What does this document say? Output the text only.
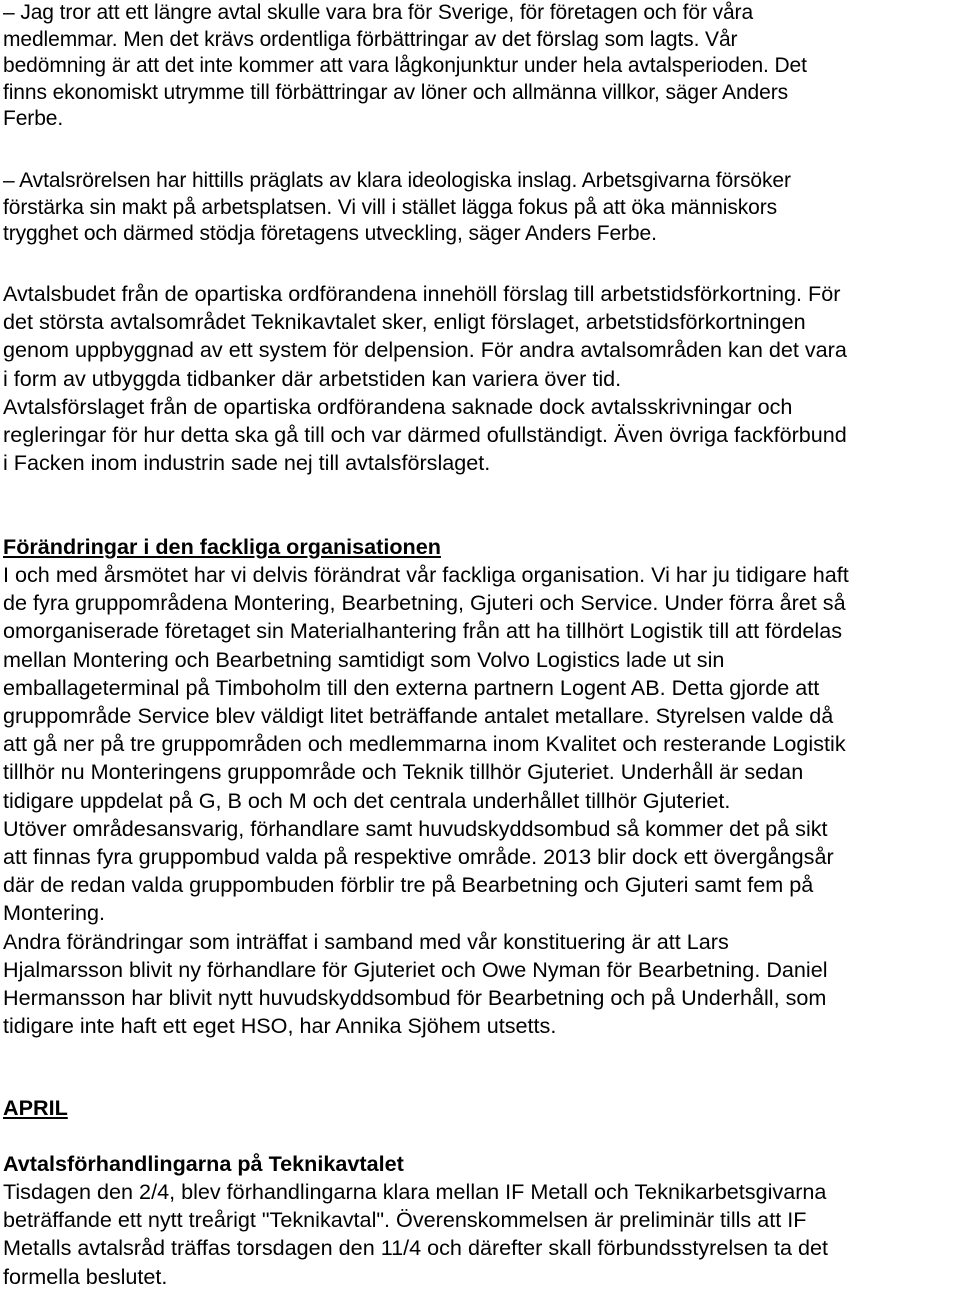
– Jag tror att ett längre avtal skulle vara bra för Sverige, för företagen och för våra
medlemmar. Men det krävs ordentliga förbättringar av det förslag som lagts. Vår
bedömning är att det inte kommer att vara lågkonjunktur under hela avtalsperioden. Det
finns ekonomiskt utrymme till förbättringar av löner och allmänna villkor, säger Anders
Ferbe.

– Avtalsrörelsen har hittills präglats av klara ideologiska inslag. Arbetsgivarna försöker
förstärka sin makt på arbetsplatsen. Vi vill i stället lägga fokus på att öka människors
trygghet och därmed stödja företagens utveckling, säger Anders Ferbe.

Avtalsbudet från de opartiska ordförandena innehöll förslag till arbetstidsförkortning. För
det största avtalsområdet Teknikavtalet sker, enligt förslaget, arbetstidsförkortningen
genom uppbyggnad av ett system för delpension. För andra avtalsområden kan det vara
i form av utbyggda tidbanker där arbetstiden kan variera över tid.
Avtalsförslaget från de opartiska ordförandena saknade dock avtalsskrivningar och
regleringar för hur detta ska gå till och var därmed ofullständigt. Även övriga fackförbund
i Facken inom industrin sade nej till avtalsförslaget.

Förändringar i den fackliga organisationen

I och med årsmötet har vi delvis förändrat vår fackliga organisation. Vi har ju tidigare haft
de fyra gruppområdena Montering, Bearbetning, Gjuteri och Service. Under förra året så
omorganiserade företaget sin Materialhantering från att ha tillhört Logistik till att fördelas
mellan Montering och Bearbetning samtidigt som Volvo Logistics lade ut sin
emballageterminal på Timboholm till den externa partnern Logent AB. Detta gjorde att
gruppområde Service blev väldigt litet beträffande antalet metallare. Styrelsen valde då
att gå ner på tre gruppområden och medlemmarna inom Kvalitet och resterande Logistik
tillhör nu Monteringens gruppområde och Teknik tillhör Gjuteriet. Underhåll är sedan
tidigare uppdelat på G, B och M och det centrala underhållet tillhör Gjuteriet.
Utöver områdesansvarig, förhandlare samt huvudskyddsombud så kommer det på sikt
att finnas fyra gruppombud valda på respektive område. 2013 blir dock ett övergångsår
där de redan valda gruppombuden förblir tre på Bearbetning och Gjuteri samt fem på
Montering.
Andra förändringar som inträffat i samband med vår konstituering är att Lars
Hjalmarsson blivit ny förhandlare för Gjuteriet och Owe Nyman för Bearbetning. Daniel
Hermansson har blivit nytt huvudskyddsombud för Bearbetning och på Underhåll, som
tidigare inte haft ett eget HSO, har Annika Sjöhem utsetts.

APRIL
Avtalsförhandlingarna på Teknikavtalet

Tisdagen den 2/4, blev förhandlingarna klara mellan IF Metall och Teknikarbetsgivarna
beträffande ett nytt treårigt "Teknikavtal". Överenskommelsen är preliminär tills att IF
Metalls avtalsråd träffas torsdagen den 11/4 och därefter skall förbundsstyrelsen ta det
formella beslutet.
